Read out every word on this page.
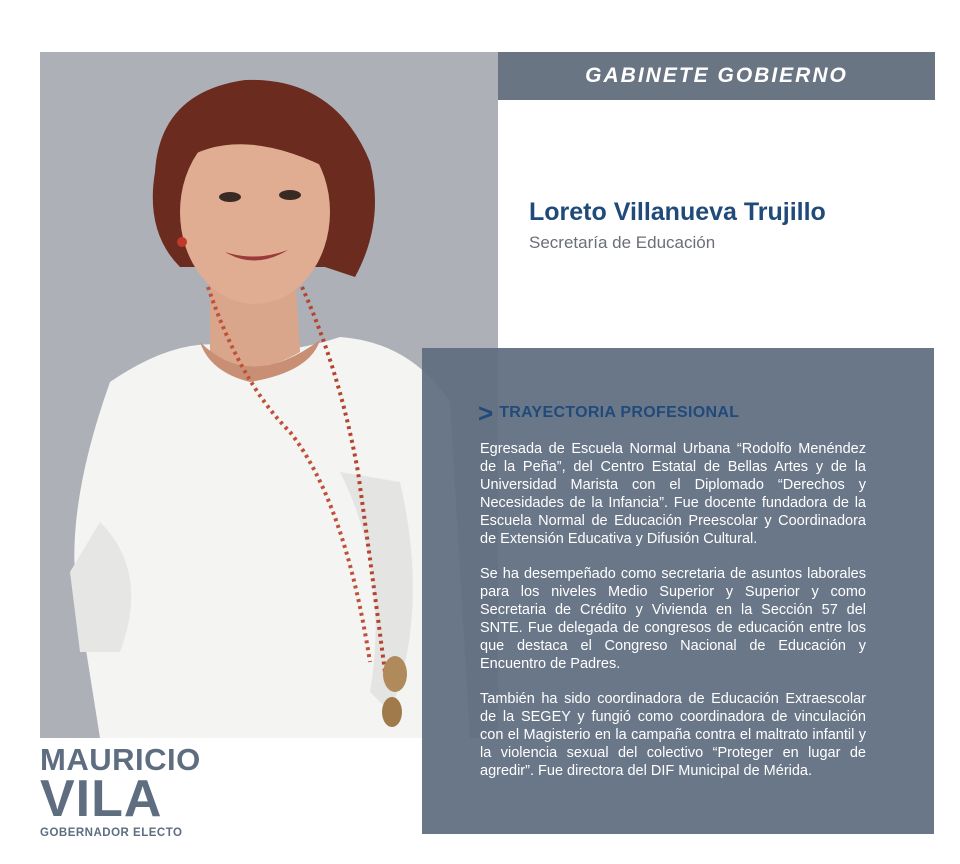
GABINETE GOBIERNO
Loreto Villanueva Trujillo
Secretaría de Educación
> TRAYECTORIA PROFESIONAL

Egresada de Escuela Normal Urbana “Rodolfo Menéndez de la Peña”, del Centro Estatal de Bellas Artes y de la Universidad Marista con el Diplomado “Derechos y Necesidades de la Infancia”. Fue docente fundadora de la Escuela Normal de Educación Preescolar y Coordinadora de Extensión Educativa y Difusión Cultural.

Se ha desempeñado como secretaria de asuntos laborales para los niveles Medio Superior y Superior y como Secretaria de Crédito y Vivienda en la Sección 57 del SNTE. Fue delegada de congresos de educación entre los que destaca el Congreso Nacional de Educación y Encuentro de Padres.

También ha sido coordinadora de Educación Extraescolar de la SEGEY y fungió como coordinadora de vinculación con el Magisterio en la campaña contra el maltrato infantil y la violencia sexual del colectivo “Proteger en lugar de agredir”. Fue directora del DIF Municipal de Mérida.

MAURICIO
VILA
GOBERNADOR ELECTO
